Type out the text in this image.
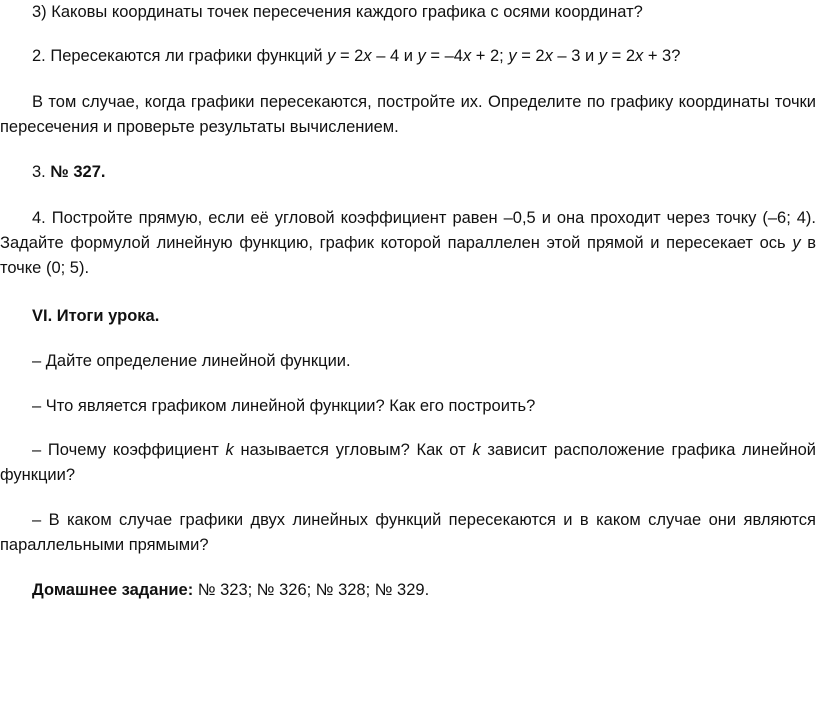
3) Каковы координаты точек пересечения каждого графика с осями координат?

2. Пересекаются ли графики функций y = 2x – 4 и y = –4x + 2; y = 2x – 3 и y = 2x + 3?

В том случае, когда графики пересекаются, постройте их. Определите по графику координаты точки пересечения и проверьте результаты вычислением.

3. № 327.

4. Постройте прямую, если её угловой коэффициент равен –0,5 и она проходит через точку (–6; 4). Задайте формулой линейную функцию, график которой параллелен этой прямой и пересекает ось y в точке (0; 5).

VI. Итоги урока.

– Дайте определение линейной функции.

– Что является графиком линейной функции? Как его построить?

– Почему коэффициент k называется угловым? Как от k зависит расположение графика линейной функции?

– В каком случае графики двух линейных функций пересекаются и в каком случае они являются параллельными прямыми?

Домашнее задание: № 323; № 326; № 328; № 329.
